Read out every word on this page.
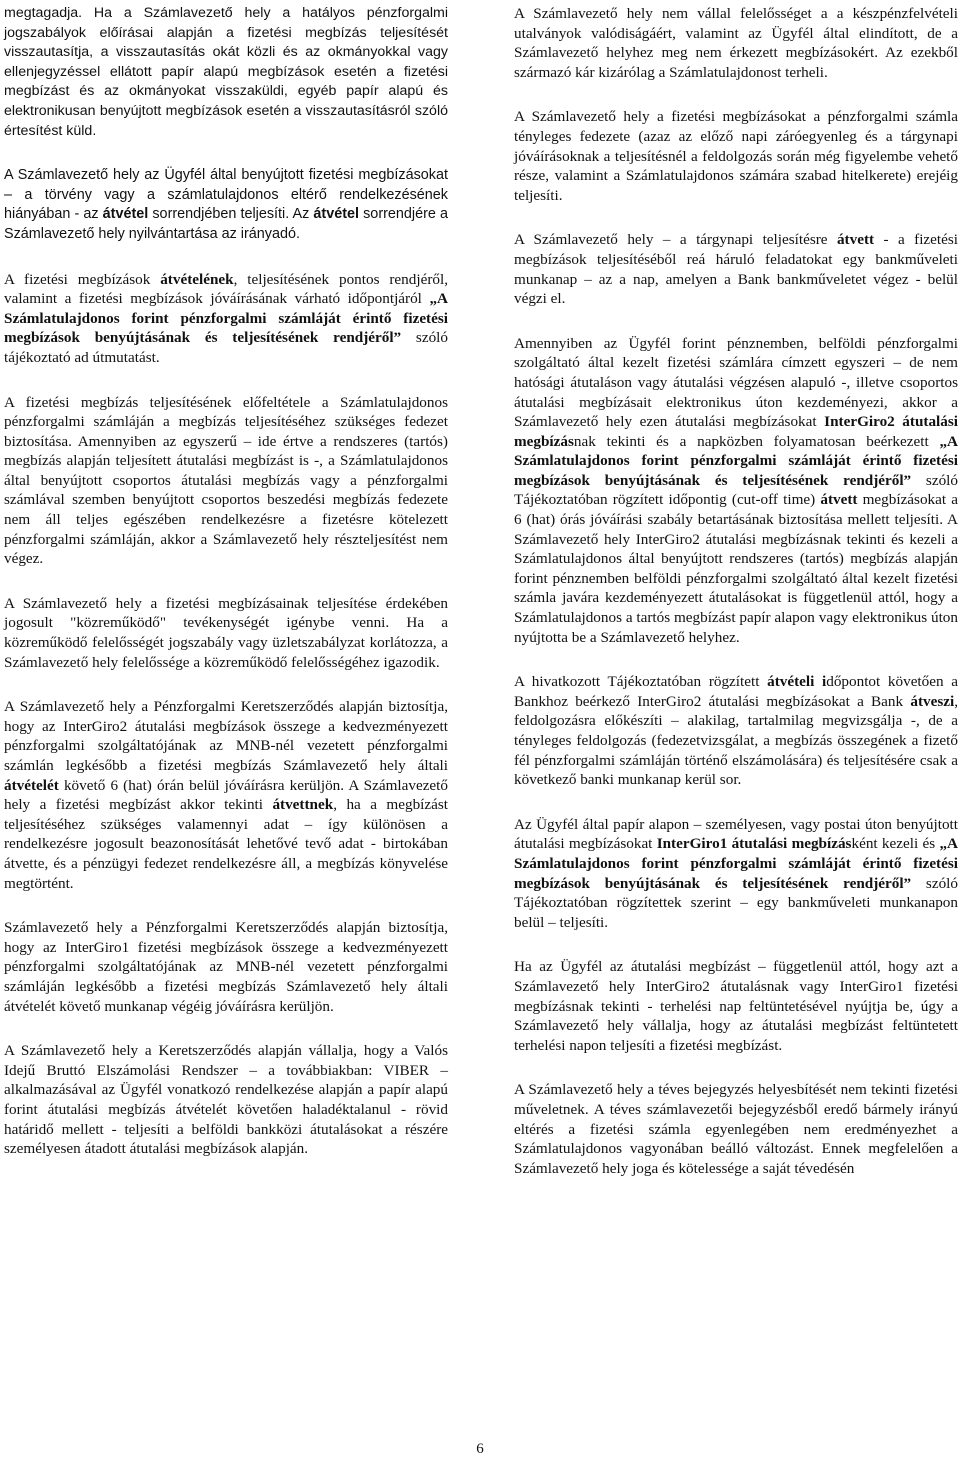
megtagadja. Ha a Számlavezető hely a hatályos pénzforgalmi jogszabályok előírásai alapján a fizetési megbízás teljesítését visszautasítja, a visszautasítás okát közli és az okmányokkal vagy ellenjegyzéssel ellátott papír alapú megbízások esetén a fizetési megbízást és az okmányokat visszaküldi, egyéb papír alapú és elektronikusan benyújtott megbízások esetén a visszautasításról szóló értesítést küld.

A Számlavezető hely az Ügyfél által benyújtott fizetési megbízásokat – a törvény vagy a számlatulajdonos eltérő rendelkezésének hiányában - az átvétel sorrendjében teljesíti. Az átvétel sorrendjére a Számlavezető hely nyilvántartása az irányadó.

A fizetési megbízások átvételének, teljesítésének pontos rendjéről, valamint a fizetési megbízások jóváírásának várható időpontjáról „A Számlatulajdonos forint pénzforgalmi számláját érintő fizetési megbízások benyújtásának és teljesítésének rendjéről” szóló tájékoztató ad útmutatást.

A fizetési megbízás teljesítésének előfeltétele a Számlatulajdonos pénzforgalmi számláján a megbízás teljesítéséhez szükséges fedezet biztosítása. Amennyiben az egyszerű – ide értve a rendszeres (tartós) megbízás alapján teljesített átutalási megbízást is -, a Számlatulajdonos által benyújtott csoportos átutalási megbízás vagy a pénzforgalmi számlával szemben benyújtott csoportos beszedési megbízás fedezete nem áll teljes egészében rendelkezésre a fizetésre kötelezett pénzforgalmi számláján, akkor a Számlavezető hely részteljesítést nem végez.

A Számlavezető hely a fizetési megbízásainak teljesítése érdekében jogosult "közreműködő" tevékenységét igénybe venni. Ha a közreműködő felelősségét jogszabály vagy üzletszabályzat korlátozza, a Számlavezető hely felelőssége a közreműködő felelősségéhez igazodik.

A Számlavezető hely a Pénzforgalmi Keretszerződés alapján biztosítja, hogy az InterGiro2 átutalási megbízások összege a kedvezményezett pénzforgalmi szolgáltatójának az MNB-nél vezetett pénzforgalmi számlán legkésőbb a fizetési megbízás Számlavezető hely általi átvételét követő 6 (hat) órán belül jóváírásra kerüljön. A Számlavezető hely a fizetési megbízást akkor tekinti átvettnek, ha a megbízást teljesítéséhez szükséges valamennyi adat – így különösen a rendelkezésre jogosult beazonosítását lehetővé tevő adat - birtokában átvette, és a pénzügyi fedezet rendelkezésre áll, a megbízás könyvelése megtörtént.

Számlavezető hely a Pénzforgalmi Keretszerződés alapján biztosítja, hogy az InterGiro1 fizetési megbízások összege a kedvezményezett pénzforgalmi szolgáltatójának az MNB-nél vezetett pénzforgalmi számláján legkésőbb a fizetési megbízás Számlavezető hely általi átvételét követő munkanap végéig jóváírásra kerüljön.

A Számlavezető hely a Keretszerződés alapján vállalja, hogy a Valós Idejű Bruttó Elszámolási Rendszer – a továbbiakban: VIBER – alkalmazásával az Ügyfél vonatkozó rendelkezése alapján a papír alapú forint átutalási megbízás átvételét követően haladéktalanul - rövid határidő mellett - teljesíti a belföldi bankközi átutalásokat a részére személyesen átadott átutalási megbízások alapján.

A Számlavezető hely nem vállal felelősséget a a készpénzfelvételi utalványok valódiságáért, valamint az Ügyfél által elindított, de a Számlavezető helyhez meg nem érkezett megbízásokért. Az ezekből származó kár kizárólag a Számlatulajdonost terheli.

A Számlavezető hely a fizetési megbízásokat a pénzforgalmi számla tényleges fedezete (azaz az előző napi záróegyenleg és a tárgynapi jóváírásoknak a teljesítésnél a feldolgozás során még figyelembe vehető része, valamint a Számlatulajdonos számára szabad hitelkerete) erejéig teljesíti.

A Számlavezető hely – a tárgynapi teljesítésre átvett - a fizetési megbízások teljesítéséből reá háruló feladatokat egy bankműveleti munkanap – az a nap, amelyen a Bank bankműveletet végez - belül végzi el.

Amennyiben az Ügyfél forint pénznemben, belföldi pénzforgalmi szolgáltató által kezelt fizetési számlára címzett egyszeri – de nem hatósági átutaláson vagy átutalási végzésen alapuló -, illetve csoportos átutalási megbízásait elektronikus úton kezdeményezi, akkor a Számlavezető hely ezen átutalási megbízásokat InterGiro2 átutalási megbízásnak tekinti és a napközben folyamatosan beérkezett „A Számlatulajdonos forint pénzforgalmi számláját érintő fizetési megbízások benyújtásának és teljesítésének rendjéről” szóló Tájékoztatóban rögzített időpontig (cut-off time) átvett megbízásokat a 6 (hat) órás jóváírási szabály betartásának biztosítása mellett teljesíti. A Számlavezető hely InterGiro2 átutalási megbízásnak tekinti és kezeli a Számlatulajdonos által benyújtott rendszeres (tartós) megbízás alapján forint pénznemben belföldi pénzforgalmi szolgáltató által kezelt fizetési számla javára kezdeményezett átutalásokat is függetlenül attól, hogy a Számlatulajdonos a tartós megbízást papír alapon vagy elektronikus úton nyújtotta be a Számlavezető helyhez.

A hivatkozott Tájékoztatóban rögzített átvételi időpontot követően a Bankhoz beérkező InterGiro2 átutalási megbízásokat a Bank átveszi, feldolgozásra előkészíti – alakilag, tartalmilag megvizsgálja -, de a tényleges feldolgozás (fedezetvizsgálat, a megbízás összegének a fizető fél pénzforgalmi számláján történő elszámolására) és teljesítésére csak a következő banki munkanap kerül sor.

Az Ügyfél által papír alapon – személyesen, vagy postai úton benyújtott átutalási megbízásokat InterGiro1 átutalási megbízásként kezeli és „A Számlatulajdonos forint pénzforgalmi számláját érintő fizetési megbízások benyújtásának és teljesítésének rendjéről” szóló Tájékoztatóban rögzítettek szerint – egy bankműveleti munkanapon belül – teljesíti.

Ha az Ügyfél az átutalási megbízást – függetlenül attól, hogy azt a Számlavezető hely InterGiro2 átutalásnak vagy InterGiro1 fizetési megbízásnak tekinti - terhelési nap feltüntetésével nyújtja be, úgy a Számlavezető hely vállalja, hogy az átutalási megbízást feltüntetett terhelési napon teljesíti a fizetési megbízást.

A Számlavezető hely a téves bejegyzés helyesbítését nem tekinti fizetési műveletnek. A téves számlavezetői bejegyzésből eredő bármely irányú eltérés a fizetési számla egyenlegében nem eredményezhet a Számlatulajdonos vagyonában beálló változást. Ennek megfelelően a Számlavezető hely joga és kötelessége a saját tévedésén

6
